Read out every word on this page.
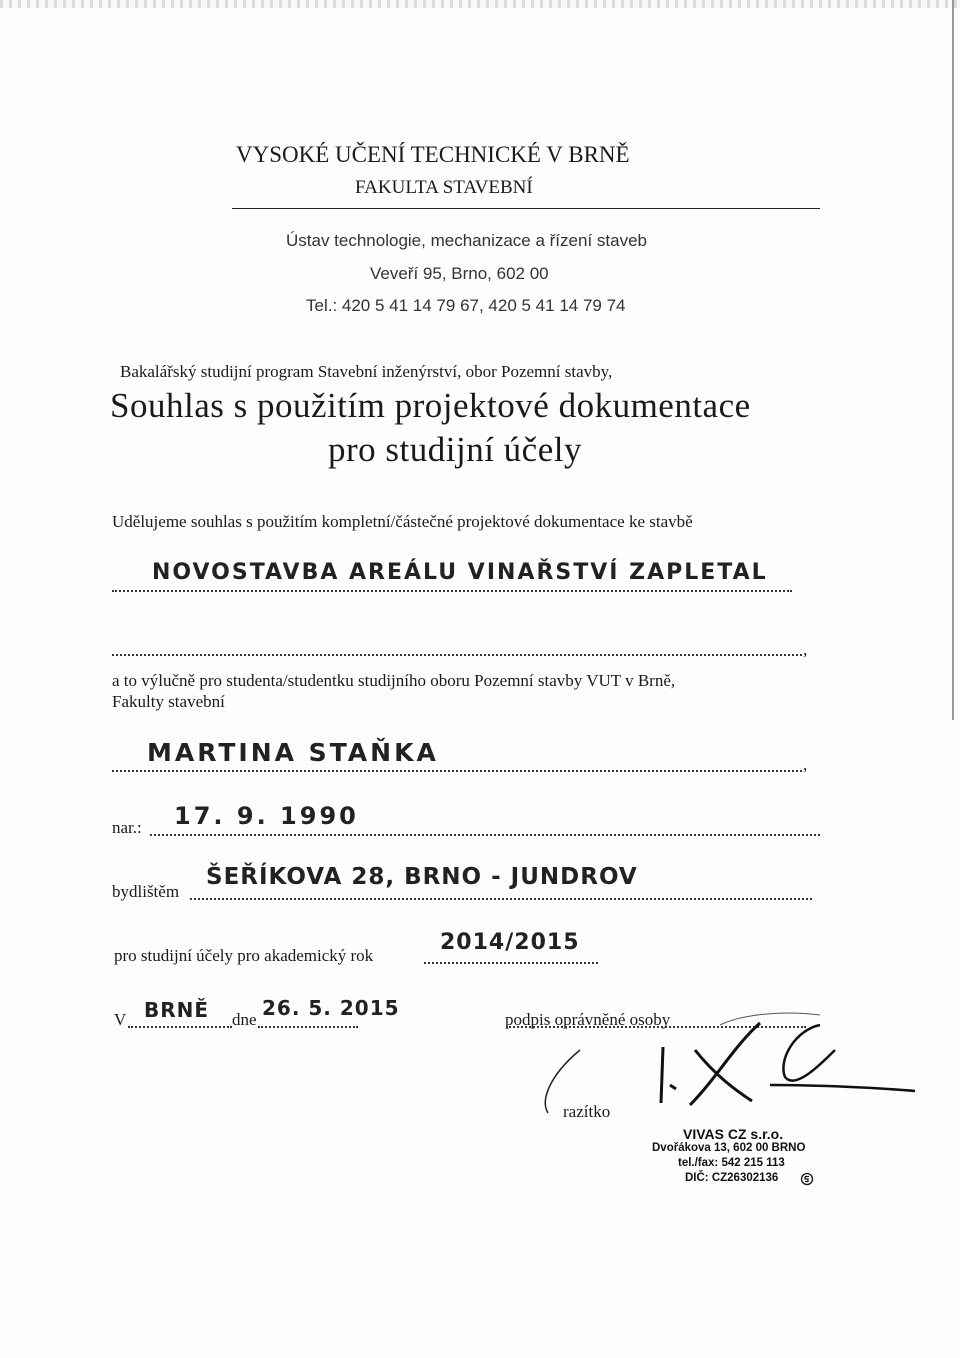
VYSOKÉ UČENÍ TECHNICKÉ V BRNĚ
FAKULTA STAVEBNÍ
Ústav technologie, mechanizace a řízení staveb
Veveří 95, Brno, 602 00
Tel.: 420 5 41 14 79 67, 420 5 41 14 79 74
Bakalářský studijní program Stavební inženýrství, obor Pozemní stavby,
Souhlas s použitím projektové dokumentace
pro studijní účely
Udělujeme souhlas s použitím kompletní/částečné projektové dokumentace ke stavbě
NOVOSTAVBA AREÁLU VINAŘSTVÍ ZAPLETAL
,
a to výlučně pro studenta/studentku studijního oboru Pozemní stavby VUT v Brně,
Fakulty stavební
MARTINA STAŇKA	,
nar.: 17. 9. 1990
bydlištěm
ŠEŘÍKOVA 28, BRNO - JUNDROV
pro studijní účely pro akademický rok
2014/2015
V BRNĚ dne 26. 5. 2015	podpis oprávněné osoby
razítko
VIVAS CZ s.r.o.
Dvořákova 13, 602 00 BRNO
tel./fax: 542 215 113
DIČ: CZ26302136
